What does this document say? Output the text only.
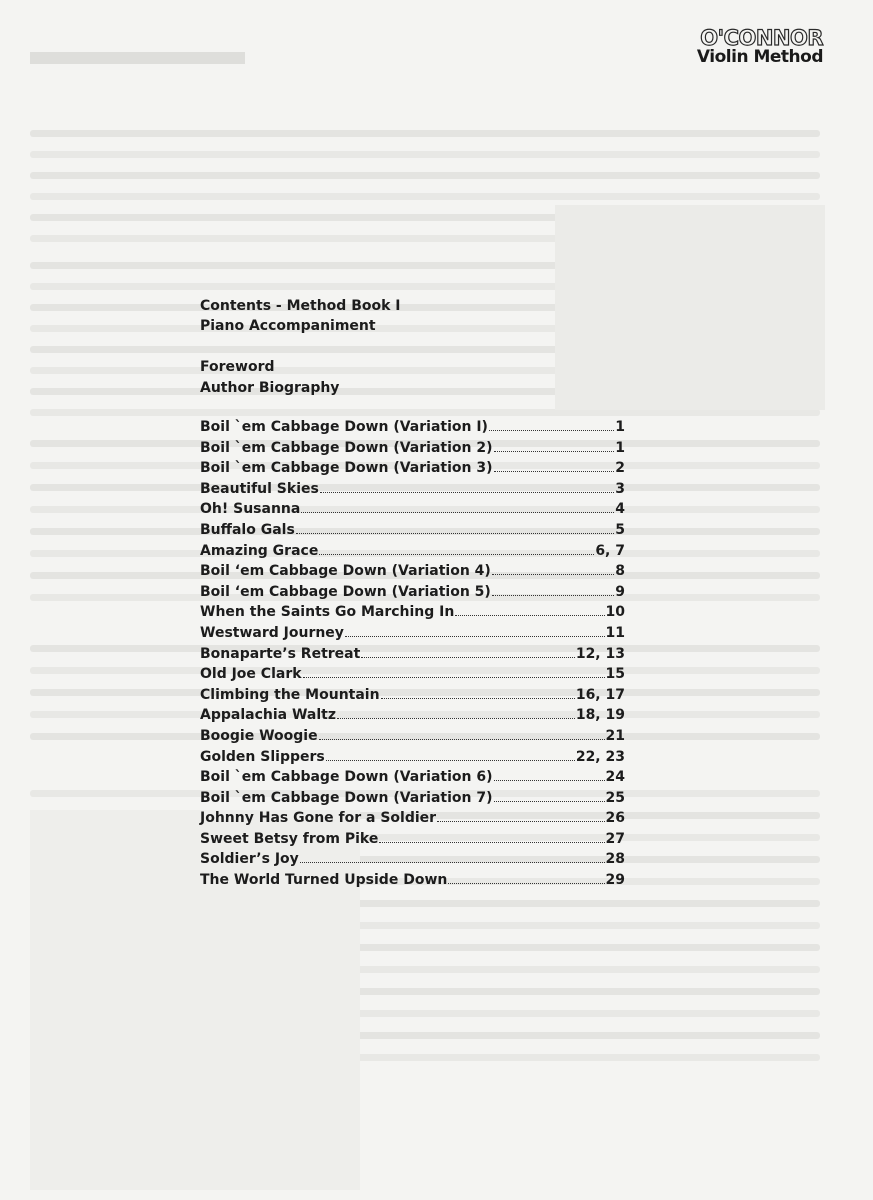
O'CONNOR
Violin Method
Contents - Method Book I
Piano Accompaniment
Foreword
Author Biography
Boil `em Cabbage Down (Variation I)	1
Boil `em Cabbage Down (Variation 2)	1
Boil `em Cabbage Down (Variation 3)	2
Beautiful Skies	3
Oh! Susanna	4
Buffalo Gals	5
Amazing Grace	6, 7
Boil ‘em Cabbage Down (Variation 4)	8
Boil ‘em Cabbage Down (Variation 5)	9
When the Saints Go Marching In	10
Westward Journey	11
Bonaparte’s Retreat	12, 13
Old Joe Clark	15
Climbing the Mountain	16, 17
Appalachia Waltz	18, 19
Boogie Woogie	21
Golden Slippers	22, 23
Boil `em Cabbage Down (Variation 6)	24
Boil `em Cabbage Down (Variation 7)	25
Johnny Has Gone for a Soldier	26
Sweet Betsy from Pike	27
Soldier’s Joy	28
The World Turned Upside Down	29
